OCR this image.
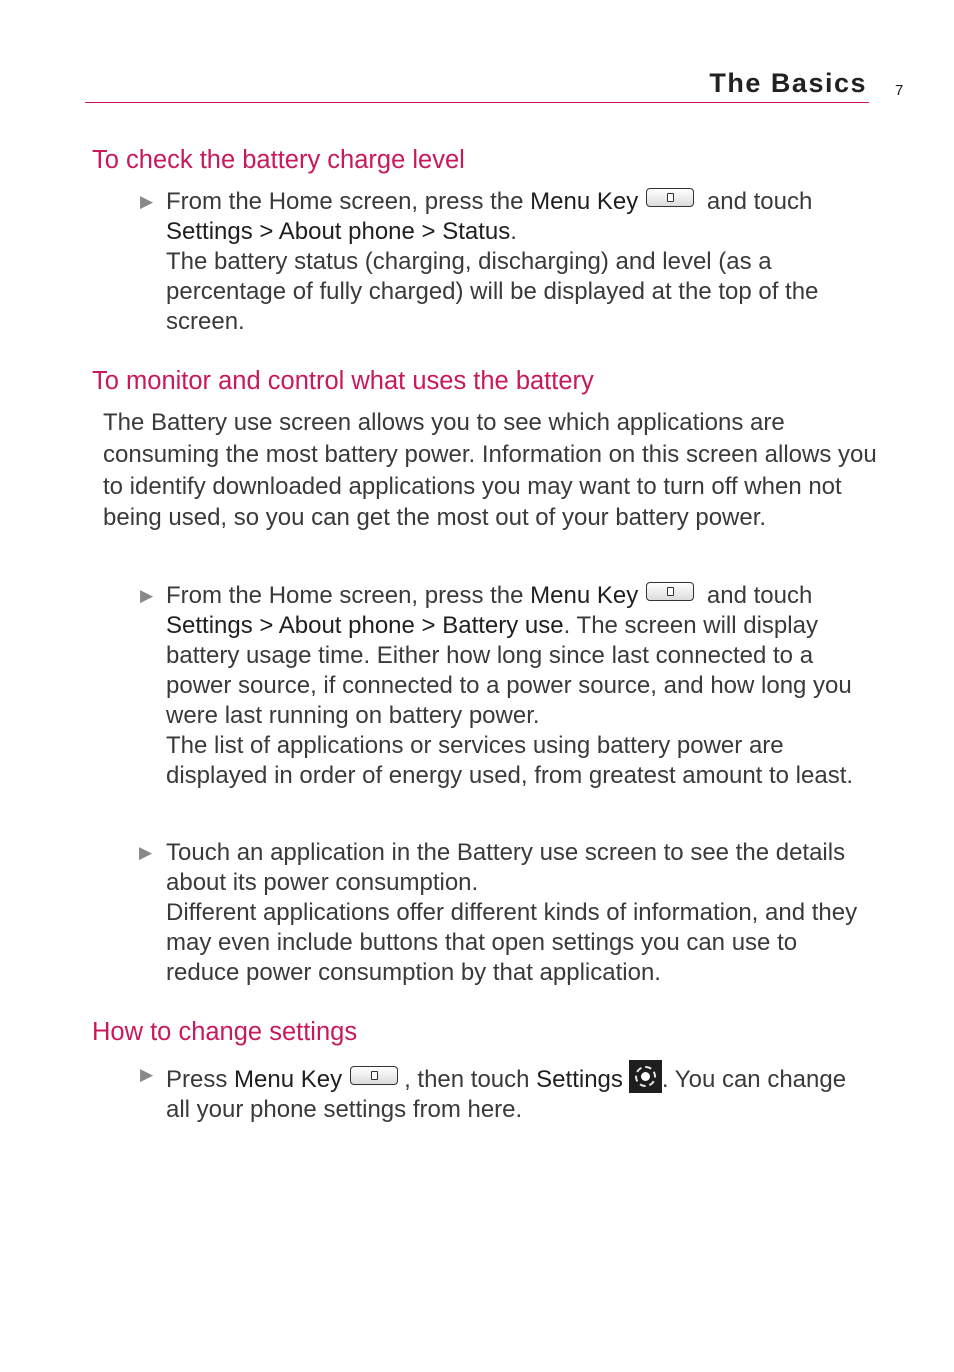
The Basics 7
To check the battery charge level
▶ From the Home screen, press the Menu Key	and touch
Settings > About phone > Status.

The battery status (charging, discharging) and level (as a percentage of fully charged) will be displayed at the top of the screen.

To monitor and control what uses the battery

The Battery use screen allows you to see which applications are consuming the most battery power. Information on this screen allows you to identify downloaded applications you may want to turn off when not being used, so you can get the most out of your battery power.

▶ From the Home screen, press the Menu Key	and touch
Settings > About phone > Battery use. The screen will display battery usage time. Either how long since last connected to a power source, if connected to a power source, and how long you were last running on battery power.

The list of applications or services using battery power are displayed in order of energy used, from greatest amount to least.

▶ Touch an application in the Battery use screen to see the details about its power consumption.

Different applications offer different kinds of information, and they may even include buttons that open settings you can use to reduce power consumption by that application.

How to change settings
▶ Press Menu Key	, then touch Settings . You can change all your phone settings from here.
